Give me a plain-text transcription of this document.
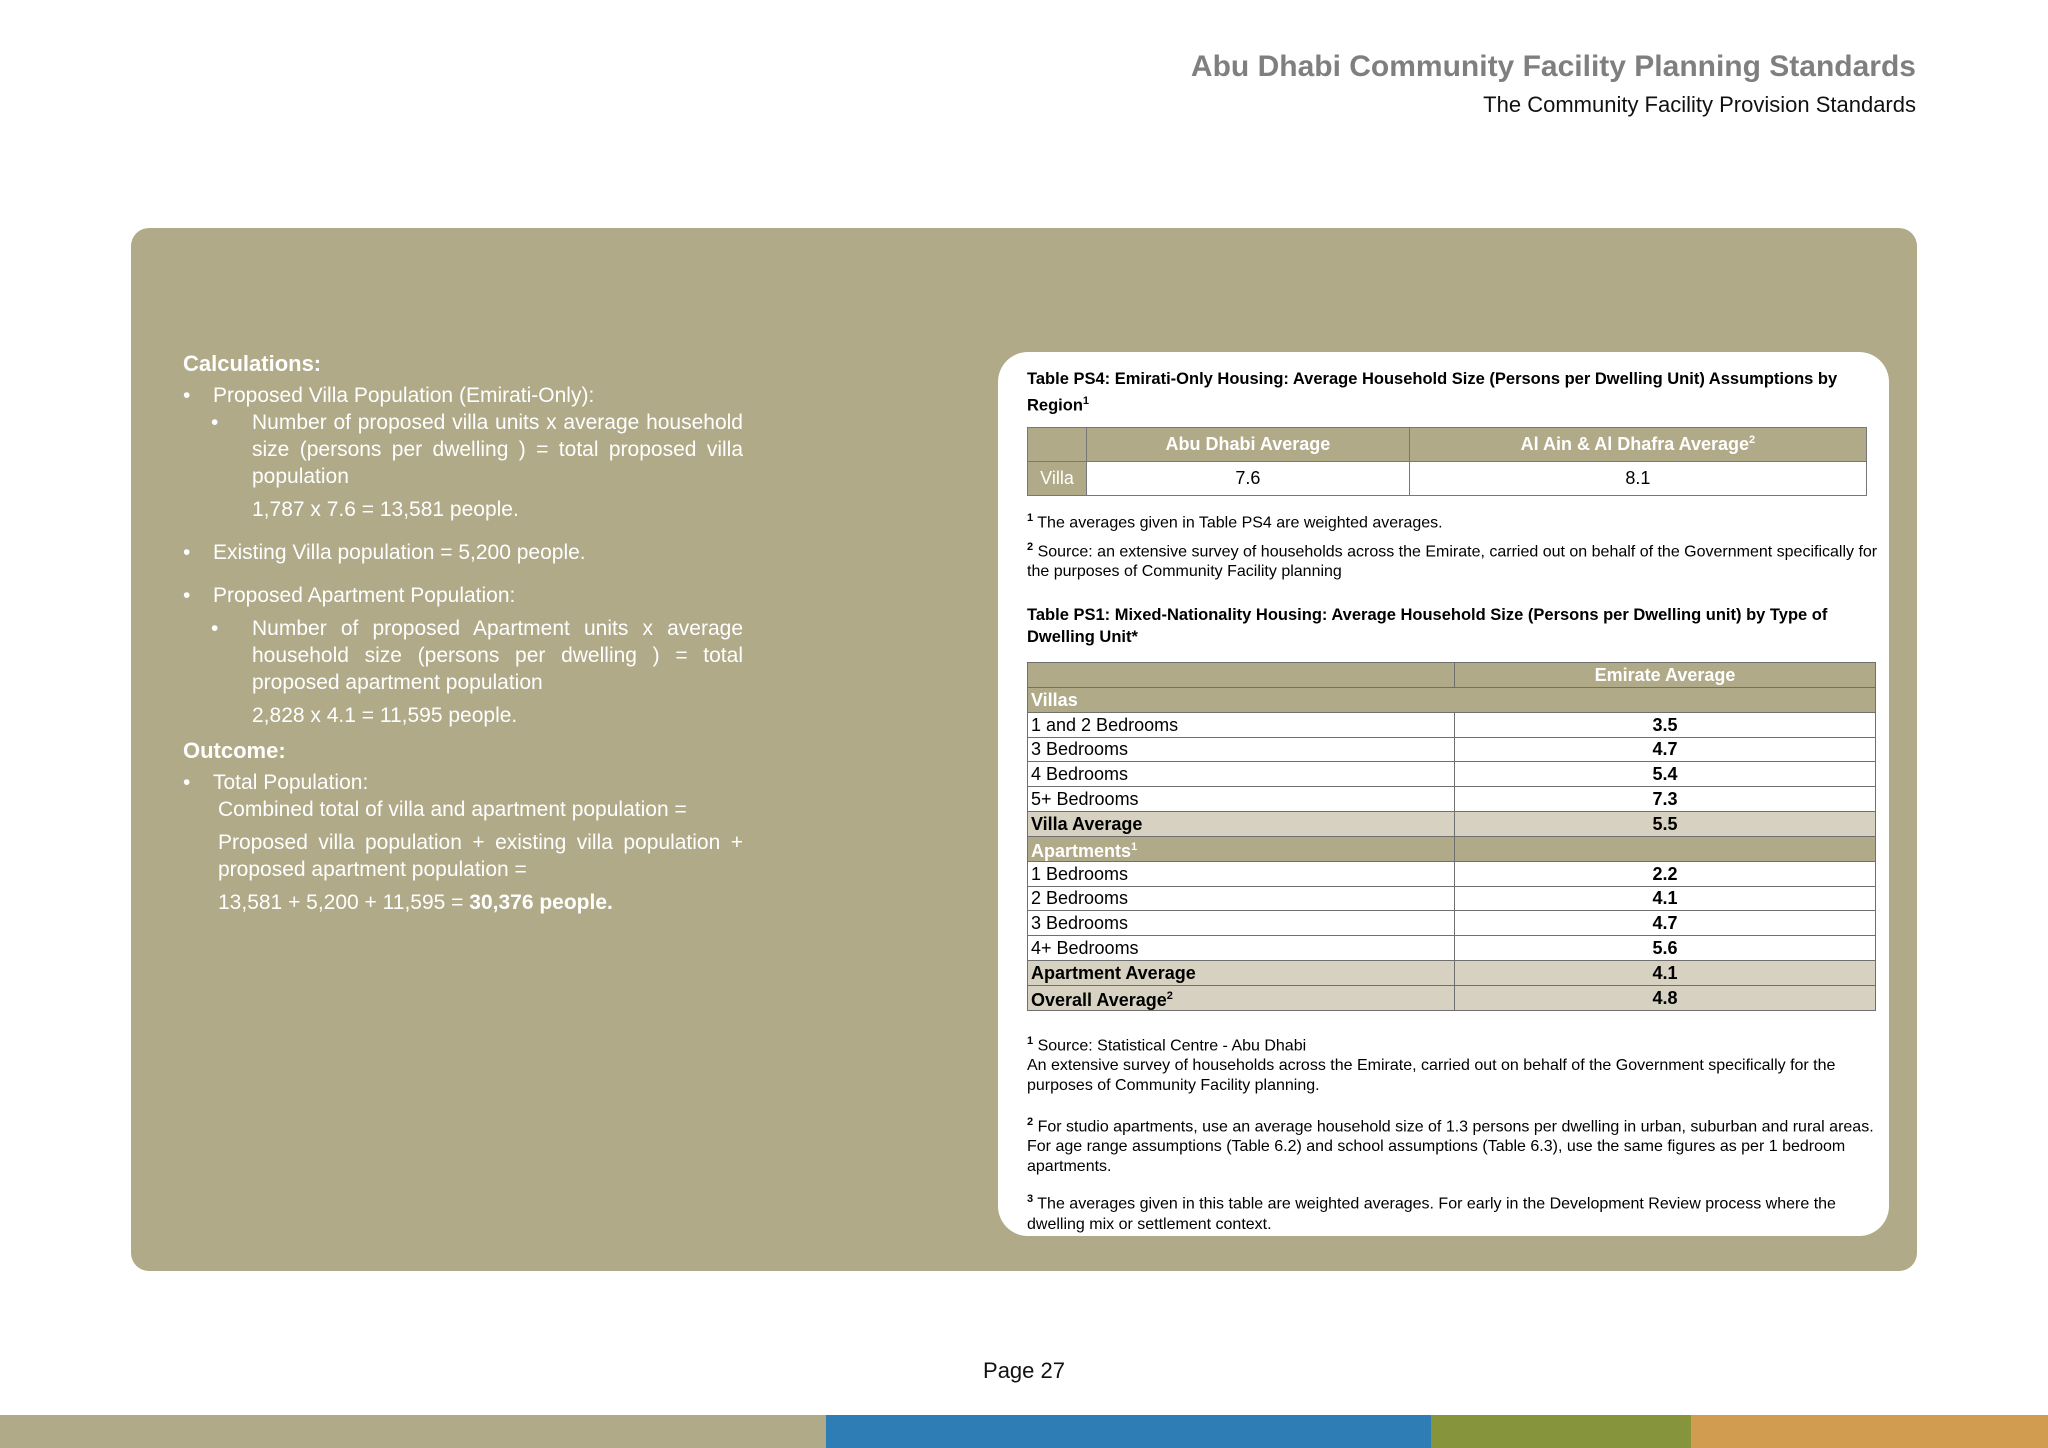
Abu Dhabi Community Facility Planning Standards
The Community Facility Provision Standards
Calculations:
• Proposed Villa Population (Emirati-Only):
• Number of proposed villa units x average household size (persons per dwelling ) = total proposed villa population
1,787 x 7.6 = 13,581 people.
• Existing Villa population = 5,200 people.
• Proposed Apartment Population:
• Number of proposed Apartment units x average household size (persons per dwelling ) = total proposed apartment population
2,828 x 4.1 = 11,595 people.
Outcome:
• Total Population:
Combined total of villa and apartment population =
Proposed villa population + existing villa population + proposed apartment population =
13,581 + 5,200 + 11,595 = 30,376 people.
Table PS4: Emirati-Only Housing: Average Household Size (Persons per Dwelling Unit) Assumptions by Region$^1$
	Abu Dhabi Average	Al Ain & Al Dhafra Average$^2$
Villa	7.6	8.1
$^1$ The averages given in Table PS4 are weighted averages.
$^2$ Source: an extensive survey of households across the Emirate, carried out on behalf of the Government specifically for the purposes of Community Facility planning
Table PS1: Mixed-Nationality Housing: Average Household Size (Persons per Dwelling unit) by Type of Dwelling Unit*
	Emirate Average
Villas	
1 and 2 Bedrooms	3.5
3 Bedrooms	4.7
4 Bedrooms	5.4
5+ Bedrooms	7.3
Villa Average	5.5
Apartments$^1$	
1 Bedrooms	2.2
2 Bedrooms	4.1
3 Bedrooms	4.7
4+ Bedrooms	5.6
Apartment Average	4.1
Overall Average$^2$	4.8
$^1$ Source: Statistical Centre - Abu Dhabi
An extensive survey of households across the Emirate, carried out on behalf of the Government specifically for the purposes of Community Facility planning.
$^2$ For studio apartments, use an average household size of 1.3 persons per dwelling in urban, suburban and rural areas. For age range assumptions (Table 6.2) and school assumptions (Table 6.3), use the same figures as per 1 bedroom apartments.
$^3$ The averages given in this table are weighted averages. For early in the Development Review process where the dwelling mix or settlement context.
Page 27
